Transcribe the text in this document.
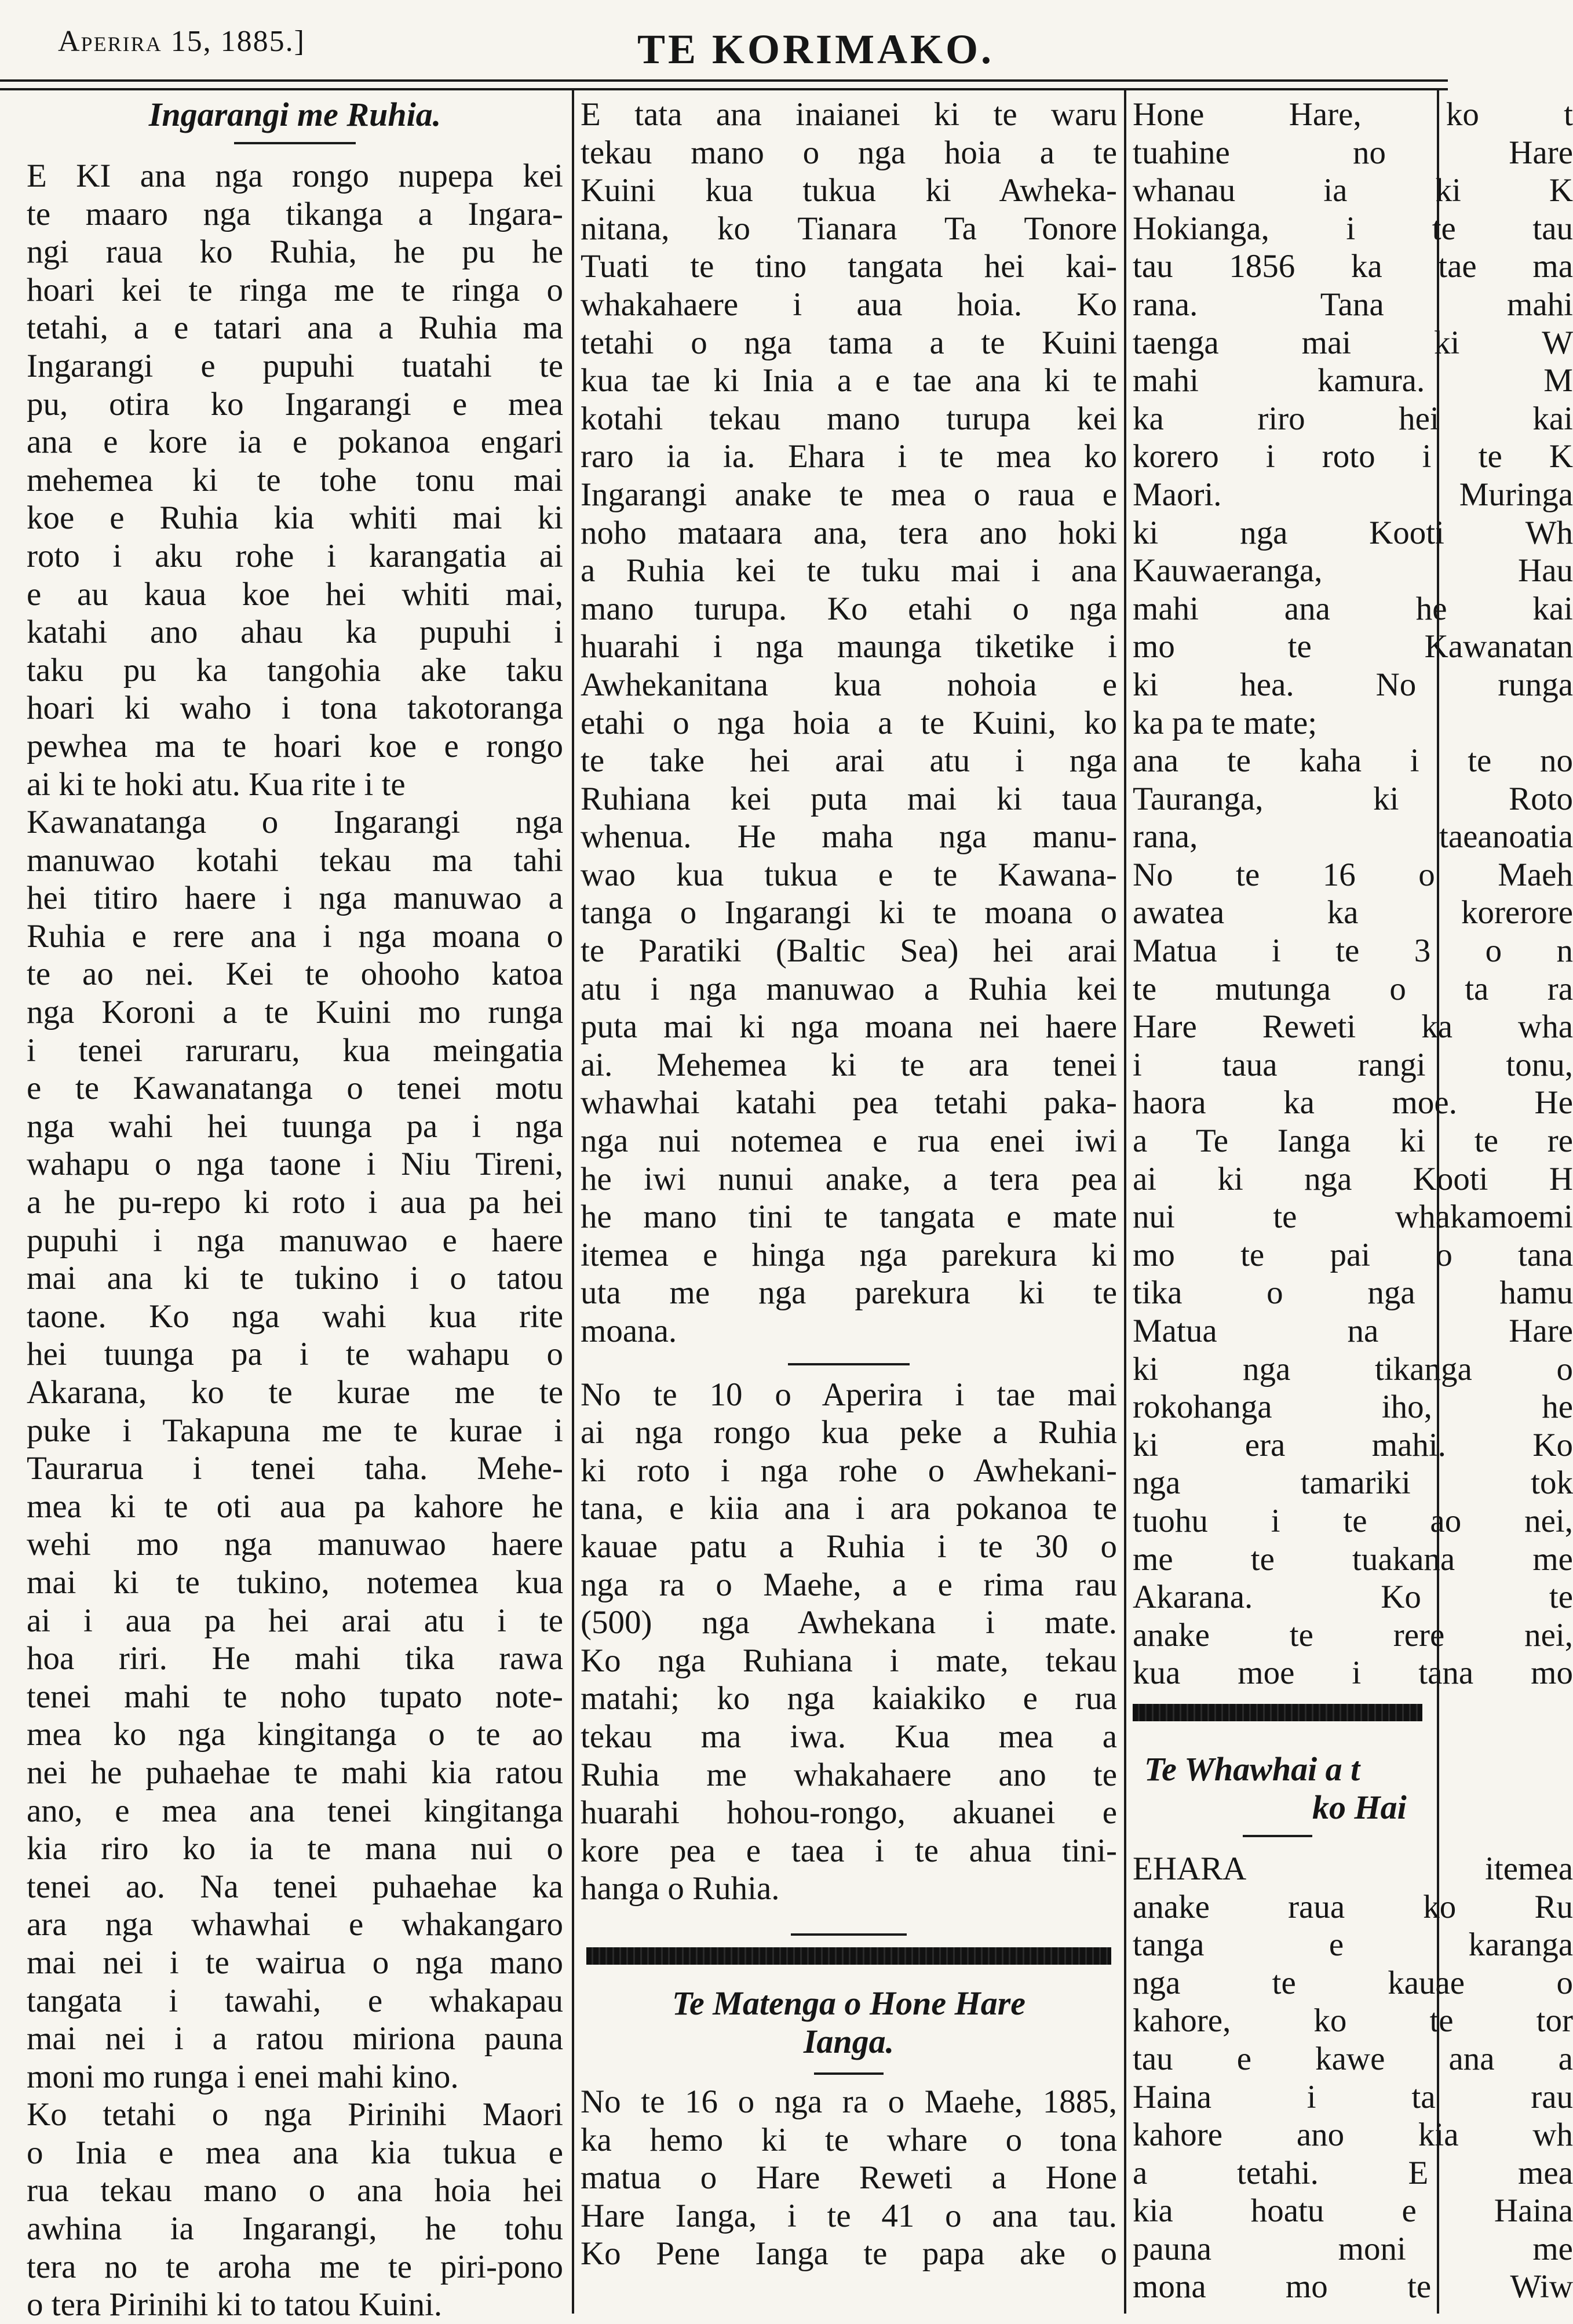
Aperira 15, 1885.]	TE KORIMAKO.
Ingarangi me Ruhia.
E KI ana nga rongo nupepa kei
te maaro nga tikanga a Ingara-
ngi raua ko Ruhia, he pu he
hoari kei te ringa me te ringa o
tetahi, a e tatari ana a Ruhia ma
Ingarangi e pupuhi tuatahi te
pu, otira ko Ingarangi e mea
ana e kore ia e pokanoa engari
mehemea ki te tohe tonu mai
koe e Ruhia kia whiti mai ki
roto i aku rohe i karangatia ai
e au kaua koe hei whiti mai,
katahi ano ahau ka pupuhi i
taku pu ka tangohia ake taku
hoari ki waho i tona takotoranga
pewhea ma te hoari koe e rongo
ai ki te hoki atu. Kua rite i te
Kawanatanga o Ingarangi nga
manuwao kotahi tekau ma tahi
hei titiro haere i nga manuwao a
Ruhia e rere ana i nga moana o
te ao nei. Kei te ohooho katoa
nga Koroni a te Kuini mo runga
i tenei raruraru, kua meingatia
e te Kawanatanga o tenei motu
nga wahi hei tuunga pa i nga
wahapu o nga taone i Niu Tireni,
a he pu-repo ki roto i aua pa hei
pupuhi i nga manuwao e haere
mai ana ki te tukino i o tatou
taone. Ko nga wahi kua rite
hei tuunga pa i te wahapu o
Akarana, ko te kurae me te
puke i Takapuna me te kurae i
Taurarua i tenei taha. Mehe-
mea ki te oti aua pa kahore he
wehi mo nga manuwao haere
mai ki te tukino, notemea kua
ai i aua pa hei arai atu i te
hoa riri. He mahi tika rawa
tenei mahi te noho tupato note-
mea ko nga kingitanga o te ao
nei he puhaehae te mahi kia ratou
ano, e mea ana tenei kingitanga
kia riro ko ia te mana nui o
tenei ao. Na tenei puhaehae ka
ara nga whawhai e whakangaro
mai nei i te wairua o nga mano
tangata i tawahi, e whakapau
mai nei i a ratou miriona pauna
moni mo runga i enei mahi kino.
Ko tetahi o nga Pirinihi Maori
o Inia e mea ana kia tukua e
rua tekau mano o ana hoia hei
awhina ia Ingarangi, he tohu
tera no te aroha me te piri-pono
o tera Pirinihi ki to tatou Kuini.
E tata ana inaianei ki te waru
tekau mano o nga hoia a te
Kuini kua tukua ki Awheka-
nitana, ko Tianara Ta Tonore
Tuati te tino tangata hei kai-
whakahaere i aua hoia. Ko
tetahi o nga tama a te Kuini
kua tae ki Inia a e tae ana ki te
kotahi tekau mano turupa kei
raro ia ia. Ehara i te mea ko
Ingarangi anake te mea o raua e
noho mataara ana, tera ano hoki
a Ruhia kei te tuku mai i ana
mano turupa. Ko etahi o nga
huarahi i nga maunga tiketike i
Awhekanitana kua nohoia e
etahi o nga hoia a te Kuini, ko
te take hei arai atu i nga
Ruhiana kei puta mai ki taua
whenua. He maha nga manu-
wao kua tukua e te Kawana-
tanga o Ingarangi ki te moana o
te Paratiki (Baltic Sea) hei arai
atu i nga manuwao a Ruhia kei
puta mai ki nga moana nei haere
ai. Mehemea ki te ara tenei
whawhai katahi pea tetahi paka-
nga nui notemea e rua enei iwi
he iwi nunui anake, a tera pea
he mano tini te tangata e mate
itemea e hinga nga parekura ki
uta me nga parekura ki te
moana.
No te 10 o Aperira i tae mai
ai nga rongo kua peke a Ruhia
ki roto i nga rohe o Awhekani-
tana, e kiia ana i ara pokanoa te
kauae patu a Ruhia i te 30 o
nga ra o Maehe, a e rima rau
(500) nga Awhekana i mate.
Ko nga Ruhiana i mate, tekau
matahi; ko nga kaiakiko e rua
tekau ma iwa. Kua mea a
Ruhia me whakahaere ano te
huarahi hohou-rongo, akuanei e
kore pea e taea i te ahua tini-
hanga o Ruhia.
Te Matenga o Hone Hare
Ianga.
No te 16 o nga ra o Maehe, 1885,
ka hemo ki te whare o tona
matua o Hare Reweti a Hone
Hare Ianga, i te 41 o ana tau.
Ko Pene Ianga te papa ake o
Hone Hare, ko t
tuahine no Hare
whanau ia ki K
Hokianga, i te tau
tau 1856 ka tae ma
rana. Tana mahi
taenga mai ki W
mahi kamura. M
ka riro hei kai
korero i roto i te K
Maori. Muringa
ki nga Kooti Wh
Kauwaeranga, Hau
mahi ana he kai
mo te Kawanatan
ki hea. No runga
ka pa te mate;
ana te kaha i te no
Tauranga, ki Roto
rana, taeanoatia
No te 16 o Maeh
awatea ka korerore
Matua i te 3 o n
te mutunga o ta ra
Hare Reweti ka wha
i taua rangi tonu,
haora ka moe. He
a Te Ianga ki te re
ai ki nga Kooti H
nui te whakamoemi
mo te pai o tana
tika o nga hamu
Matua na Hare
ki nga tikanga o
rokohanga iho, he
ki era mahi. Ko
nga tamariki tok
tuohu i te ao nei,
me te tuakana me
Akarana. Ko te
anake te rere nei,
kua moe i tana mo
Te Whawhai a t
ko Hai
EHARA itemea
anake raua ko Ru
tanga e karanga
nga te kauae o
kahore, ko te tor
tau e kawe ana a
Haina i ta rau
kahore ano kia wh
a tetahi. E mea
kia hoatu e Haina
pauna moni me
mona mo te Wiw
